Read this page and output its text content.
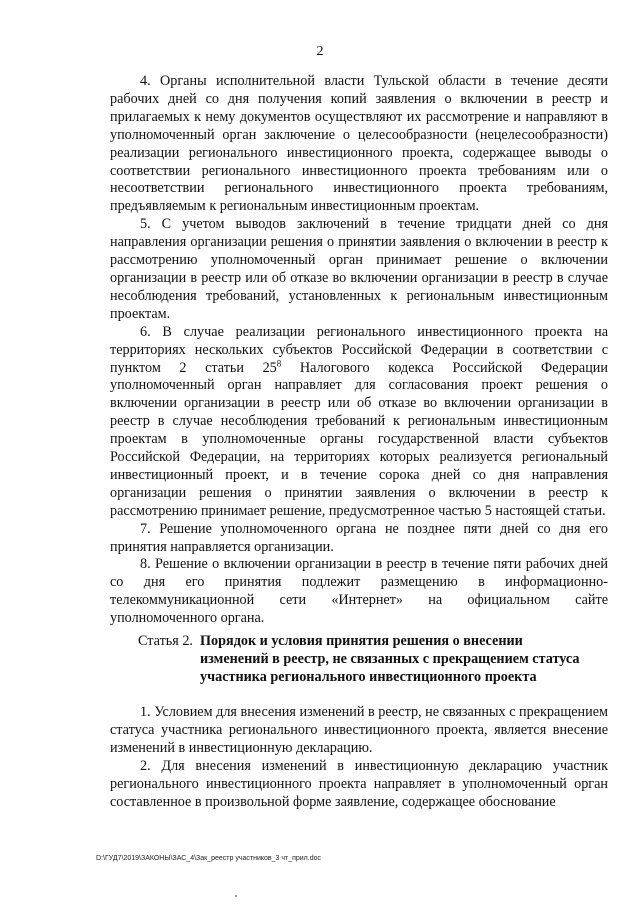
2

4. Органы исполнительной власти Тульской области в течение десяти рабочих дней со дня получения копий заявления о включении в реестр и прилагаемых к нему документов осуществляют их рассмотрение и направляют в уполномоченный орган заключение о целесообразности (нецелесообразности) реализации регионального инвестиционного проекта, содержащее выводы о соответствии регионального инвестиционного проекта требованиям или о несоответствии регионального инвестиционного проекта требованиям, предъявляемым к региональным инвестиционным проектам.

5. С учетом выводов заключений в течение тридцати дней со дня направления организации решения о принятии заявления о включении в реестр к рассмотрению уполномоченный орган принимает решение о включении организации в реестр или об отказе во включении организации в реестр в случае несоблюдения требований, установленных к региональным инвестиционным проектам.

6. В случае реализации регионального инвестиционного проекта на территориях нескольких субъектов Российской Федерации в соответствии с пунктом 2 статьи $25^8$ Налогового кодекса Российской Федерации уполномоченный орган направляет для согласования проект решения о включении организации в реестр или об отказе во включении организации в реестр в случае несоблюдения требований к региональным инвестиционным проектам в уполномоченные органы государственной власти субъектов Российской Федерации, на территориях которых реализуется региональный инвестиционный проект, и в течение сорока дней со дня направления организации решения о принятии заявления о включении в реестр к рассмотрению принимает решение, предусмотренное частью 5 настоящей статьи.

7. Решение уполномоченного органа не позднее пяти дней со дня его принятия направляется организации.

8. Решение о включении организации в реестр в течение пяти рабочих дней со дня его принятия подлежит размещению в информационно-телекоммуникационной сети «Интернет» на официальном сайте уполномоченного органа.

Статья 2. Порядок и условия принятия решения о внесении
изменений в реестр, не связанных с прекращением статуса
участника регионального инвестиционного проекта

1. Условием для внесения изменений в реестр, не связанных с прекращением статуса участника регионального инвестиционного проекта, является внесение изменений в инвестиционную декларацию.

2. Для внесения изменений в инвестиционную декларацию участник регионального инвестиционного проекта направляет в уполномоченный орган составленное в произвольной форме заявление, содержащее обоснование

D:\ГУД7\2019\ЗАКОНЫ\ЗАС_4\Зак_реестр участников_3 чт_прил.doc
